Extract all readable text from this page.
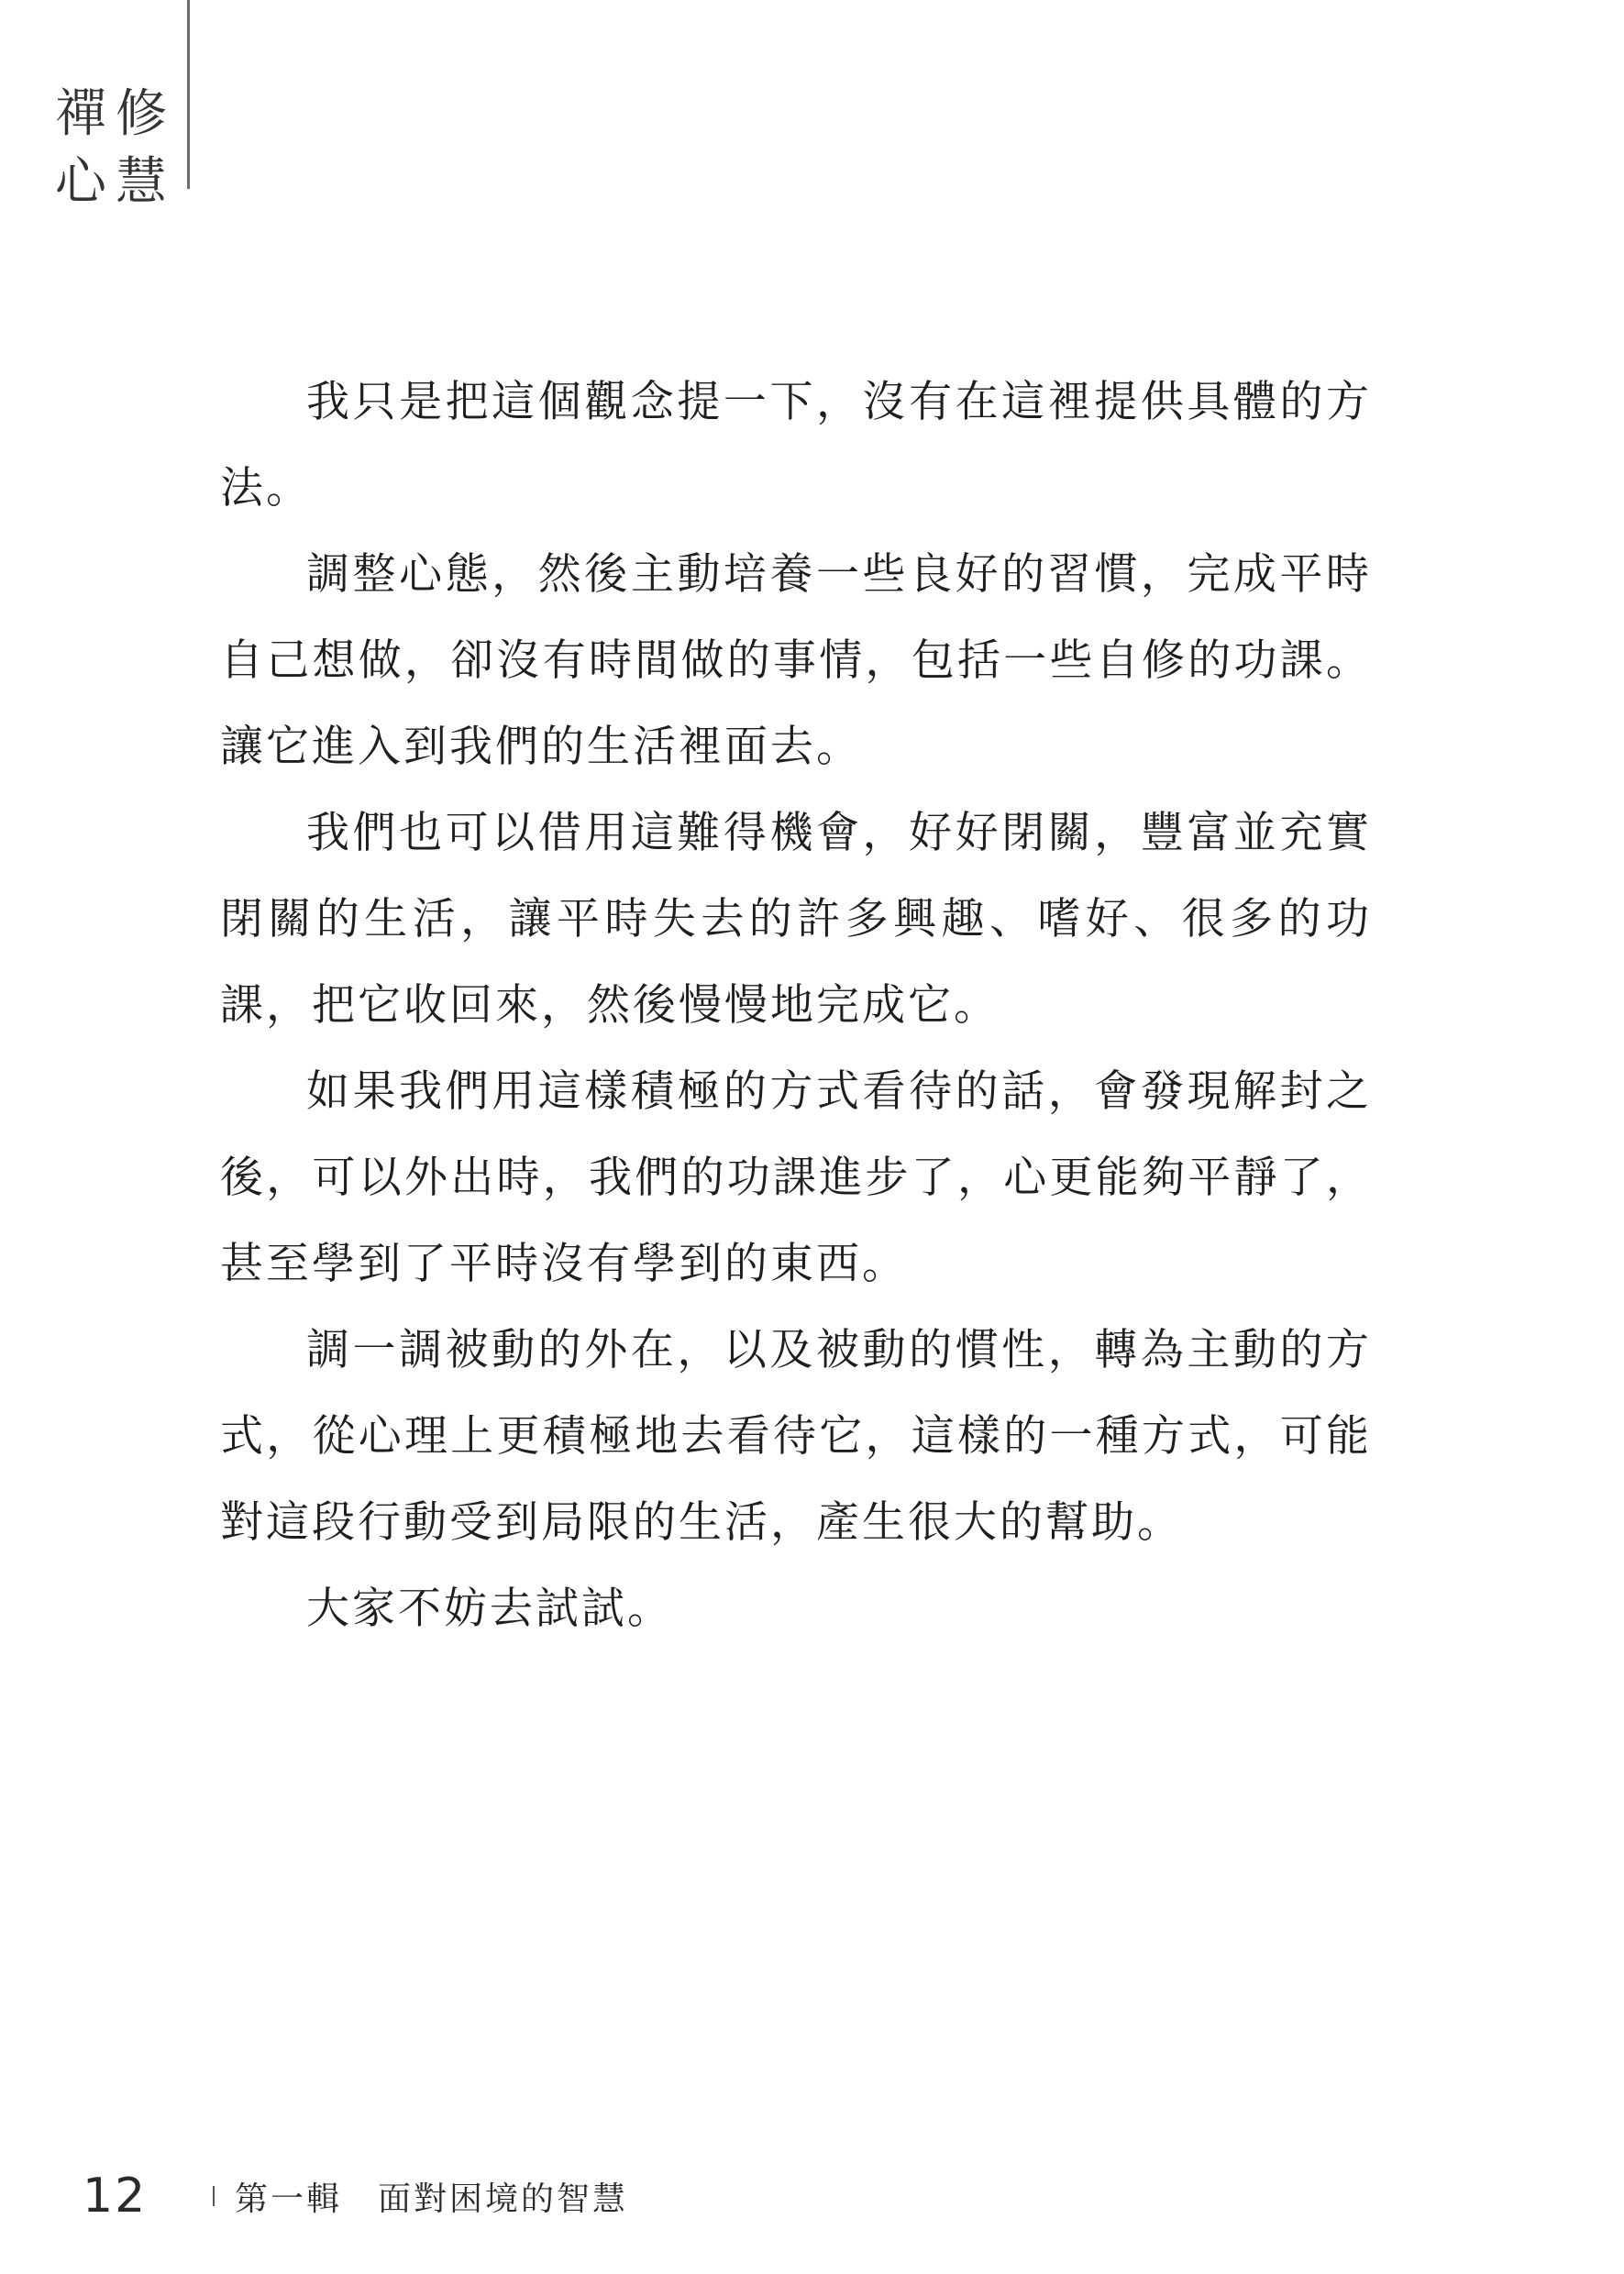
禪修
心慧

我只是把這個觀念提一下，沒有在這裡提供具體的方法。

調整心態，然後主動培養一些良好的習慣，完成平時自己想做，卻沒有時間做的事情，包括一些自修的功課。讓它進入到我們的生活裡面去。

我們也可以借用這難得機會，好好閉關，豐富並充實閉關的生活，讓平時失去的許多興趣、嗜好、很多的功課，把它收回來，然後慢慢地完成它。

如果我們用這樣積極的方式看待的話，會發現解封之後，可以外出時，我們的功課進步了，心更能夠平靜了，甚至學到了平時沒有學到的東西。

調一調被動的外在，以及被動的慣性，轉為主動的方式，從心理上更積極地去看待它，這樣的一種方式，可能對這段行動受到局限的生活，產生很大的幫助。

大家不妨去試試。

12	第一輯　面對困境的智慧
